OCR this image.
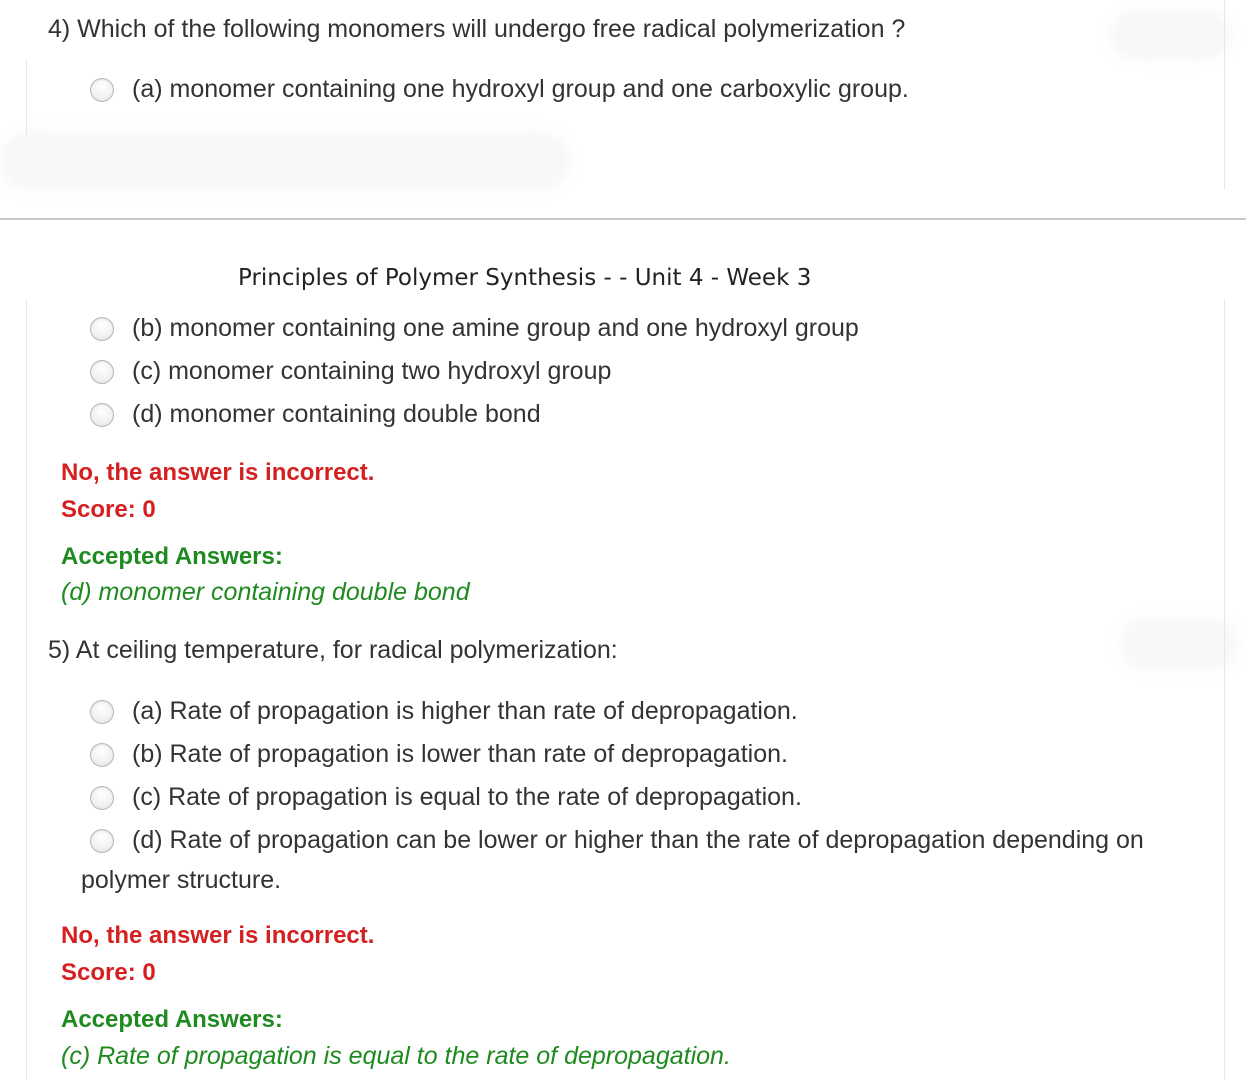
4) Which of the following monomers will undergo free radical polymerization ?
(a) monomer containing one hydroxyl group and one carboxylic group.
Principles of Polymer Synthesis - - Unit 4 - Week 3
(b) monomer containing one amine group and one hydroxyl group
(c) monomer containing two hydroxyl group
(d) monomer containing double bond
No, the answer is incorrect.
Score: 0
Accepted Answers:
(d) monomer containing double bond
5) At ceiling temperature, for radical polymerization:
(a) Rate of propagation is higher than rate of depropagation.
(b) Rate of propagation is lower than rate of depropagation.
(c) Rate of propagation is equal to the rate of depropagation.
(d) Rate of propagation can be lower or higher than the rate of depropagation depending on
polymer structure.
No, the answer is incorrect.
Score: 0
Accepted Answers:
(c) Rate of propagation is equal to the rate of depropagation.
